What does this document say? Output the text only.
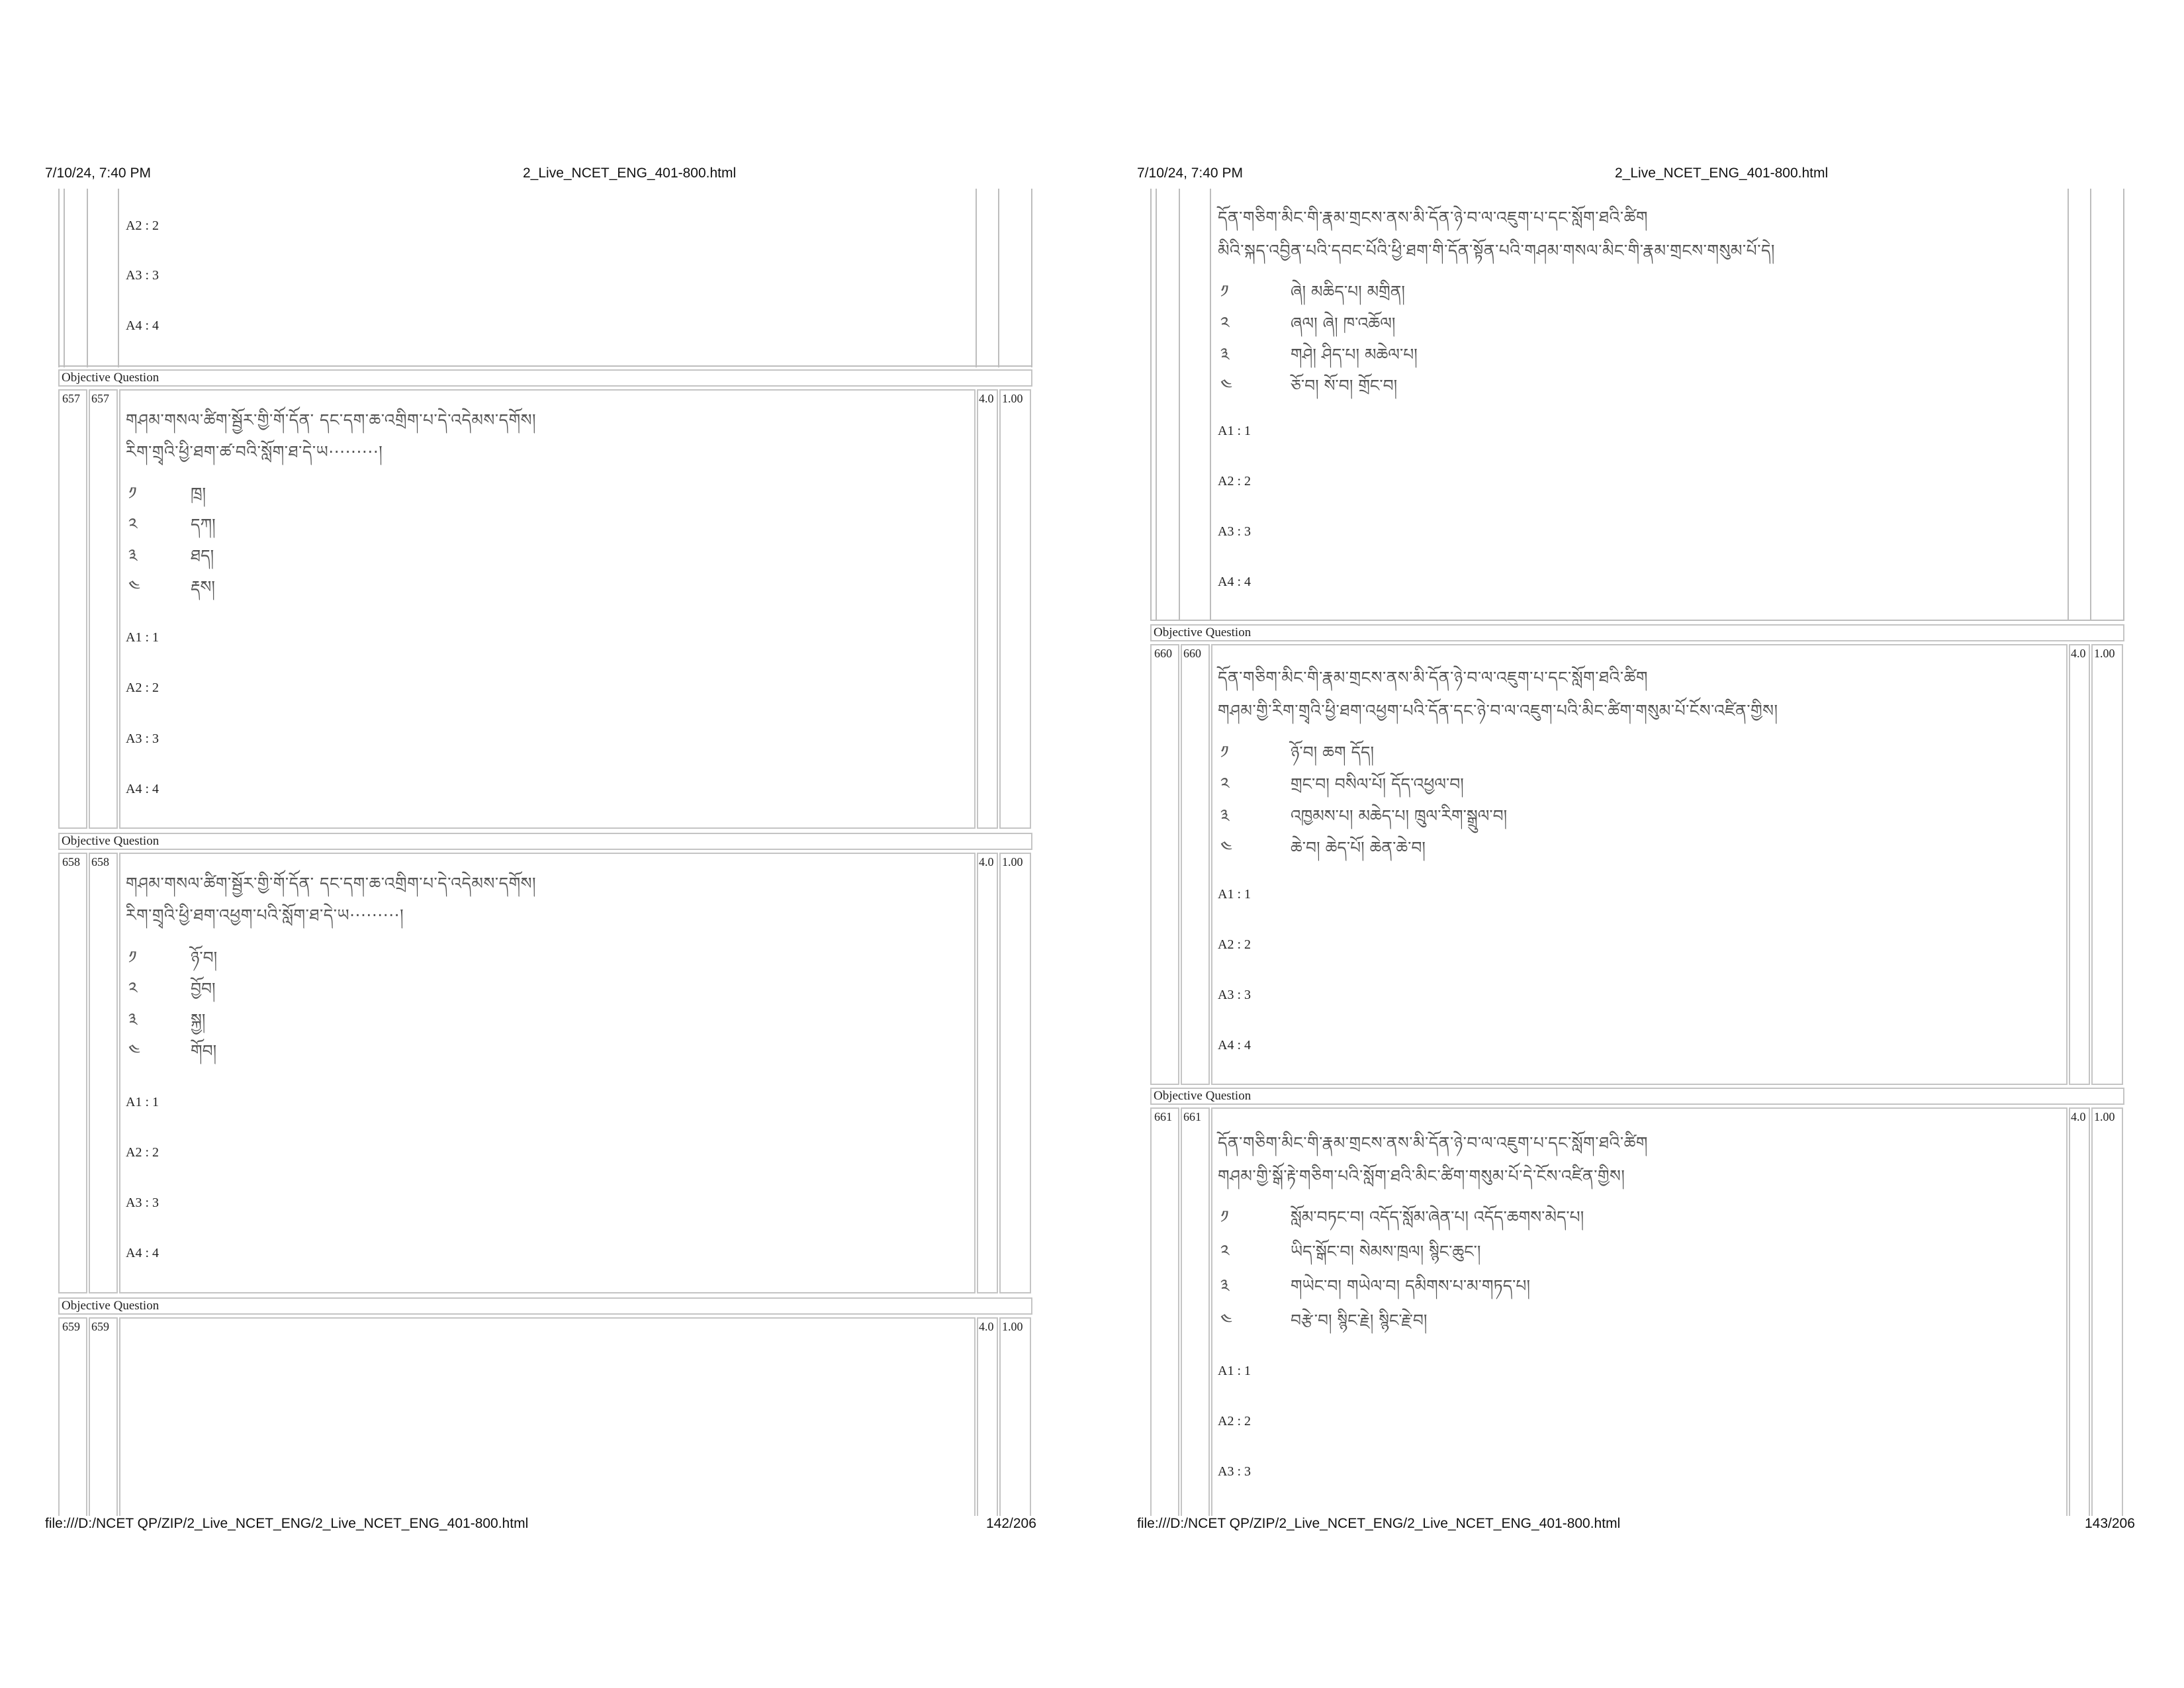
7/10/24, 7:40 PM	2_Live_NCET_ENG_401-800.html
A2 : 2
A3 : 3
A4 : 4
Objective Question
657 657	4.0 1.00
གཤམ་གསལ་ཚིག་སྦྱོར་གྱི་གོ་དོན་ དང་དག་ཆ་འགྲིག་པ་དེ་འདེམས་དགོས།
རིག་གྲྭའི་ཕྱི་ཐག་ཚ་བའི་སློག་ཐ་དེ་ཡ·········།
༡	ཁྲ།
༢	དཀ།
༣	ཐད།
༤	རྡས།
A1 : 1
A2 : 2
A3 : 3
A4 : 4
Objective Question
658 658	4.0 1.00
གཤམ་གསལ་ཚིག་སྦྱོར་གྱི་གོ་དོན་ དང་དག་ཆ་འགྲིག་པ་དེ་འདེམས་དགོས།
རིག་གྲྭའི་ཕྱི་ཐག་འཕྱག་པའི་སློག་ཐ་དེ་ཡ·········།
༡	ཉོ་བ།
༢	བྱོབ།
༣	སྐྱ།
༤	གོབ།
A1 : 1
A2 : 2
A3 : 3
A4 : 4
Objective Question
659 659	4.0 1.00
file:///D:/NCET QP/ZIP/2_Live_NCET_ENG/2_Live_NCET_ENG_401-800.html	142/206
7/10/24, 7:40 PM	2_Live_NCET_ENG_401-800.html
དོན་གཅིག་མིང་གི་རྣམ་གྲངས་ནས་མི་དོན་ཉེ་བ་ལ་འཇུག་པ་དང་སློག་ཐའི་ཚིག
མིའི་སྐད་འབྱིན་པའི་དབང་པོའི་ཕྱི་ཐག་གི་དོན་སྟོན་པའི་གཤམ་གསལ་མིང་གི་རྣམ་གྲངས་གསུམ་པོ་དེ།
༡	ཞེ། མཆིད་པ། མགྲིན།
༢	ཞལ། ཞེ། ཁ་འཆོལ།
༣	གཤེ། ཤིད་པ། མཆེལ་པ།
༤	ཅོ་བ། སོ་བ། གྲོང་བ།
A1 : 1
A2 : 2
A3 : 3
A4 : 4
Objective Question
660 660	4.0 1.00
དོན་གཅིག་མིང་གི་རྣམ་གྲངས་ནས་མི་དོན་ཉེ་བ་ལ་འཇུག་པ་དང་སློག་ཐའི་ཚིག
གཤམ་གྱི་རིག་གྲྭའི་ཕྱི་ཐག་འཕྱག་པའི་དོན་དང་ཉེ་བ་ལ་འཇུག་པའི་མིང་ཚིག་གསུམ་པོ་ངོས་འཛིན་གྱིས།
༡	ཉོ་བ། ཆག དོད།
༢	གྲང་བ། བསིལ་པོ། དོད་འཕྱལ་བ།
༣	འཁྱམས་པ། མཆེད་པ། ཁྲུལ་རིག་སྒྲུལ་བ།
༤	ཆེ་བ། ཆེད་པོ། ཆེན་ཆེ་བ།
A1 : 1
A2 : 2
A3 : 3
A4 : 4
Objective Question
661 661	4.0 1.00
དོན་གཅིག་མིང་གི་རྣམ་གྲངས་ནས་མི་དོན་ཉེ་བ་ལ་འཇུག་པ་དང་སློག་ཐའི་ཚིག
གཤམ་གྱི་སྒོ་རྟེ་གཅིག་པའི་སློག་ཐའི་མིང་ཚིག་གསུམ་པོ་དེ་ངོས་འཛིན་གྱིས།
༡	སློམ་བཏང་བ། འདོད་སློམ་ཞེན་པ། འདོད་ཆགས་མེད་པ།
༢	ཡིད་སྒོང་བ། སེམས་ཁྲལ། སྙིང་ཆུང་།
༣	གཡེང་བ། གཡེལ་བ། དམིགས་པ་མ་གཏད་པ།
༤	བརྩེ་བ། སྙིང་རྗེ། སྙིང་རྗེ་བ།
A1 : 1
A2 : 2
A3 : 3
file:///D:/NCET QP/ZIP/2_Live_NCET_ENG/2_Live_NCET_ENG_401-800.html	143/206
